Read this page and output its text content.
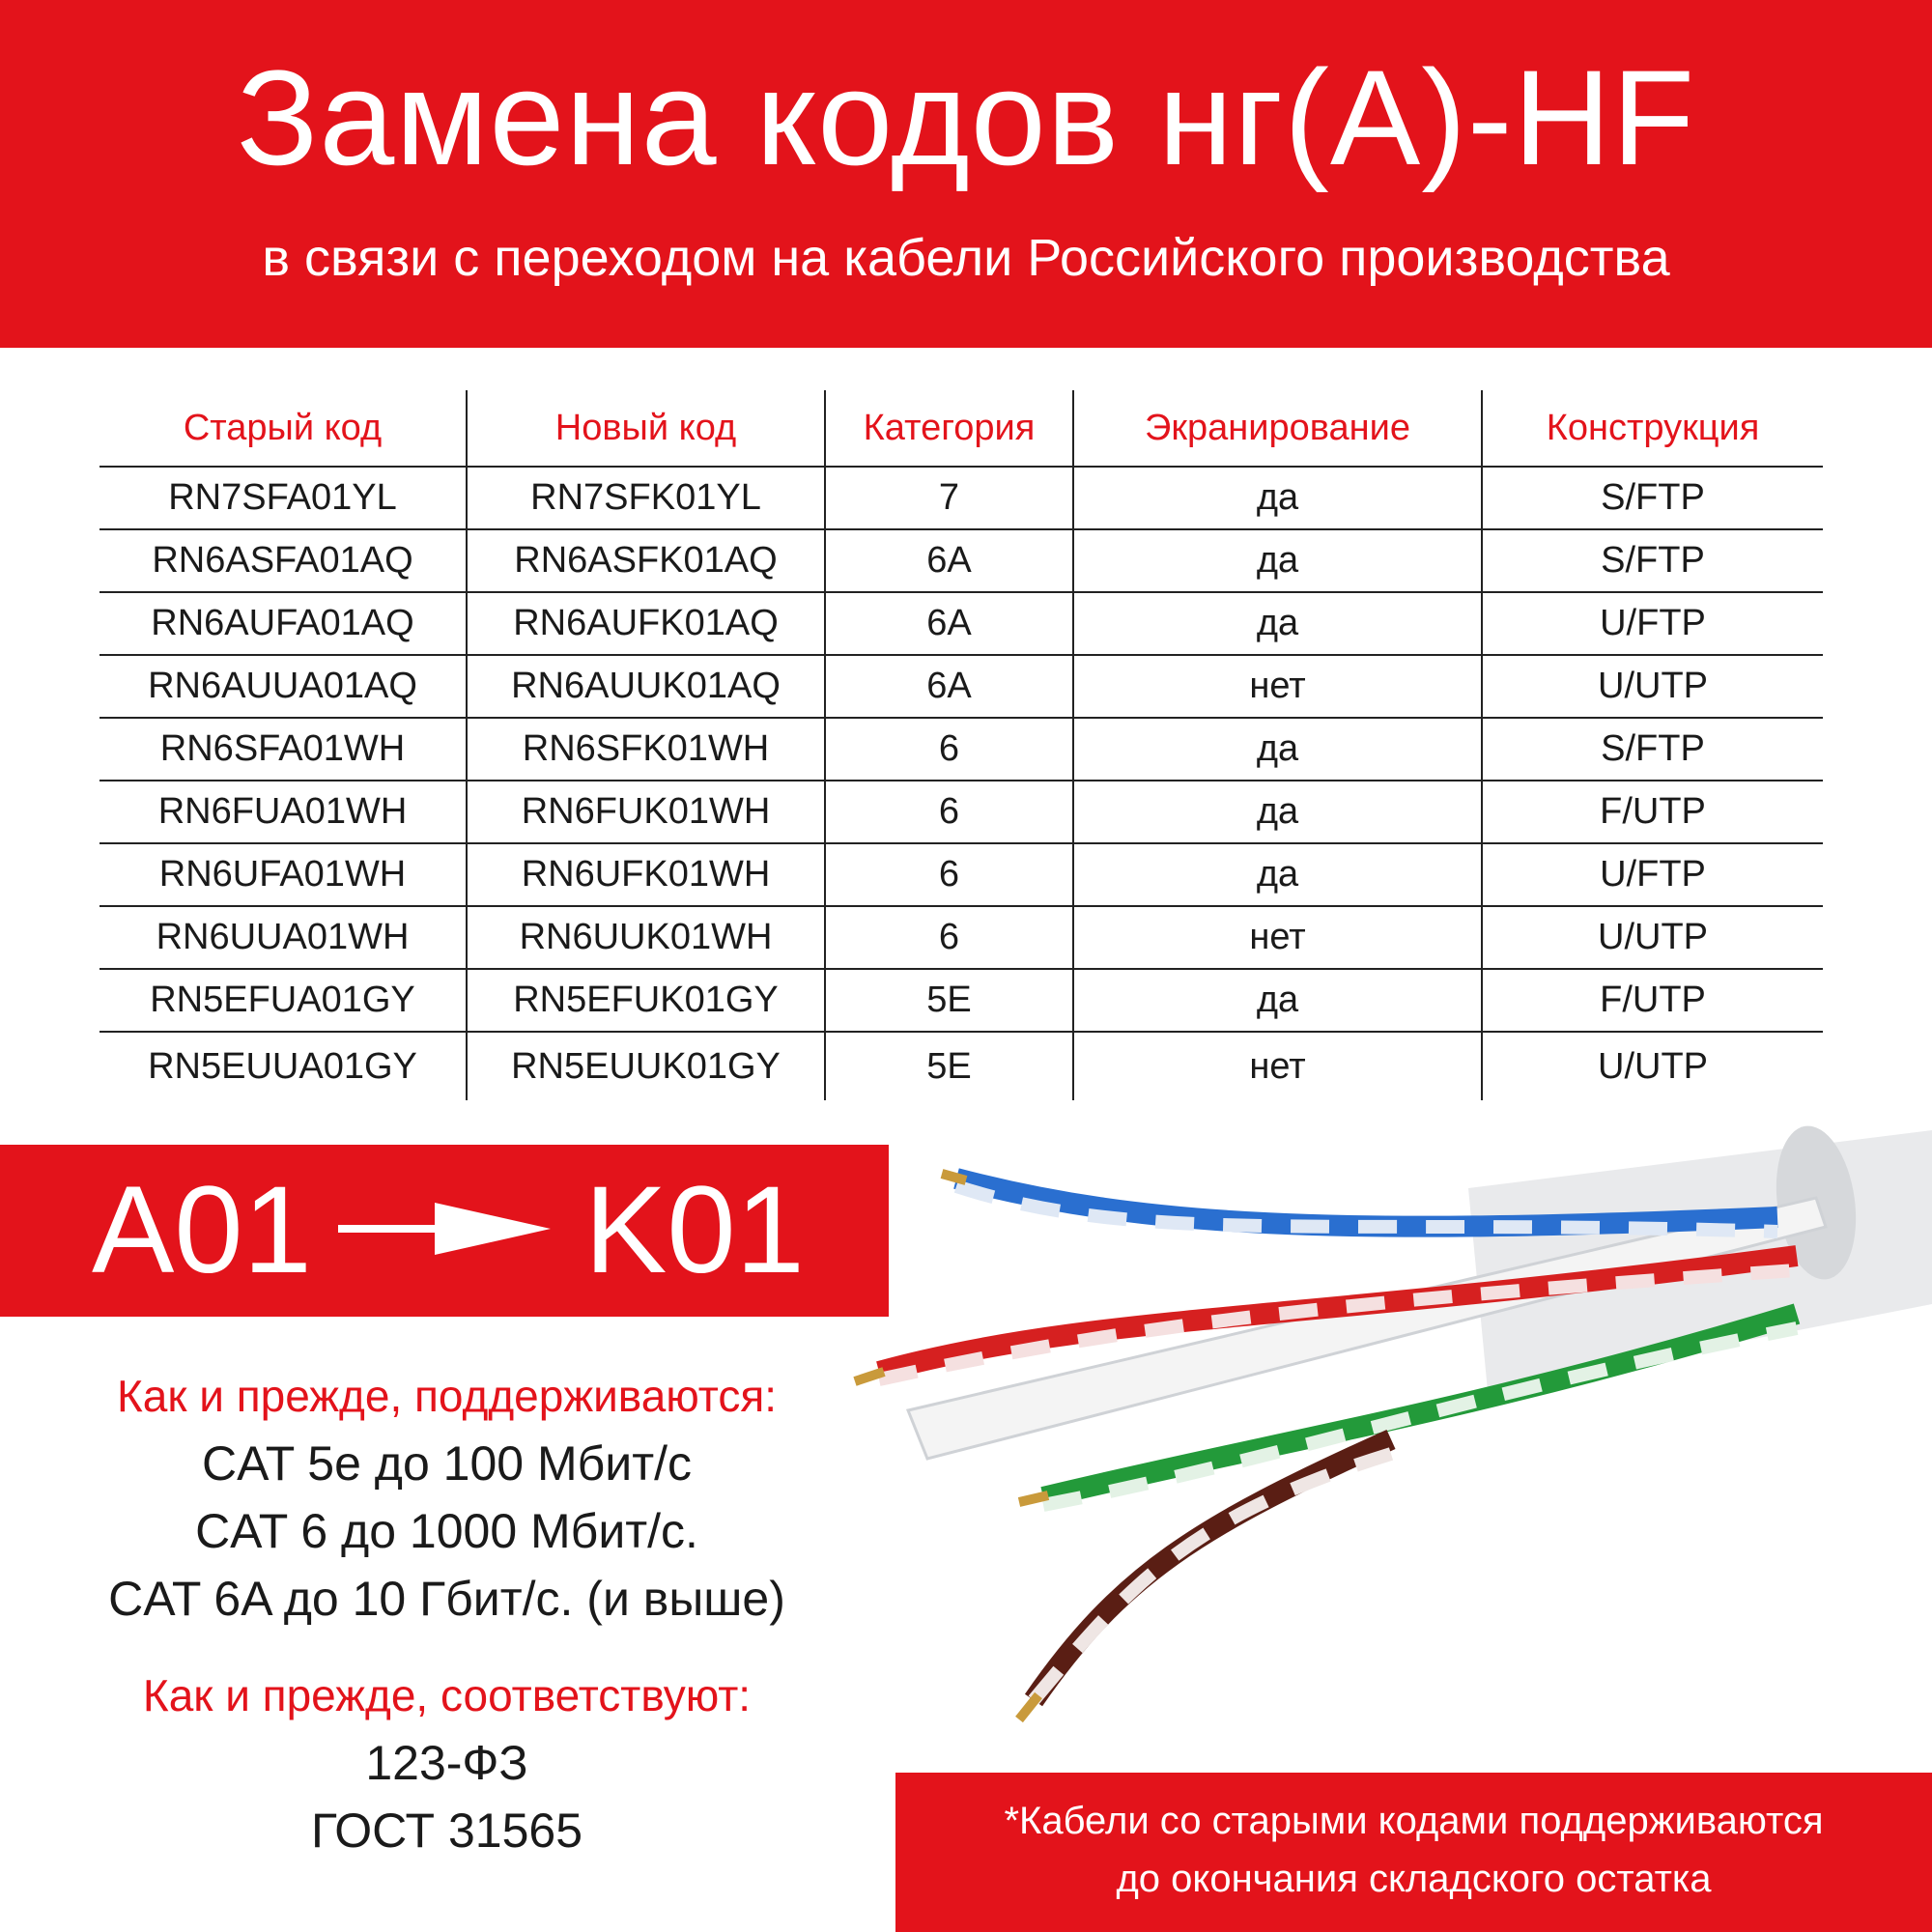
Замена кодов нг(А)-HF
в связи с переходом на кабели Российского производства
Старый код	Новый код	Категория	Экранирование	Конструкция
RN7SFA01YL	RN7SFK01YL	7	да	S/FTP
RN6ASFA01AQ	RN6ASFK01AQ	6A	да	S/FTP
RN6AUFA01AQ	RN6AUFK01AQ	6A	да	U/FTP
RN6AUUA01AQ	RN6AUUK01AQ	6A	нет	U/UTP
RN6SFA01WH	RN6SFK01WH	6	да	S/FTP
RN6FUA01WH	RN6FUK01WH	6	да	F/UTP
RN6UFA01WH	RN6UFK01WH	6	да	U/FTP
RN6UUA01WH	RN6UUK01WH	6	нет	U/UTP
RN5EFUA01GY	RN5EFUK01GY	5E	да	F/UTP
RN5EUUA01GY	RN5EUUK01GY	5E	нет	U/UTP
A01 K01
Как и прежде, поддерживаются:
CAT 5e до 100 Мбит/с
CAT 6 до 1000 Мбит/с.
CAT 6A до 10 Гбит/с. (и выше)
Как и прежде, соответствуют:
123-ФЗ
ГОСТ 31565	*Кабели со старыми кодами поддерживаются
до окончания складского остатка
